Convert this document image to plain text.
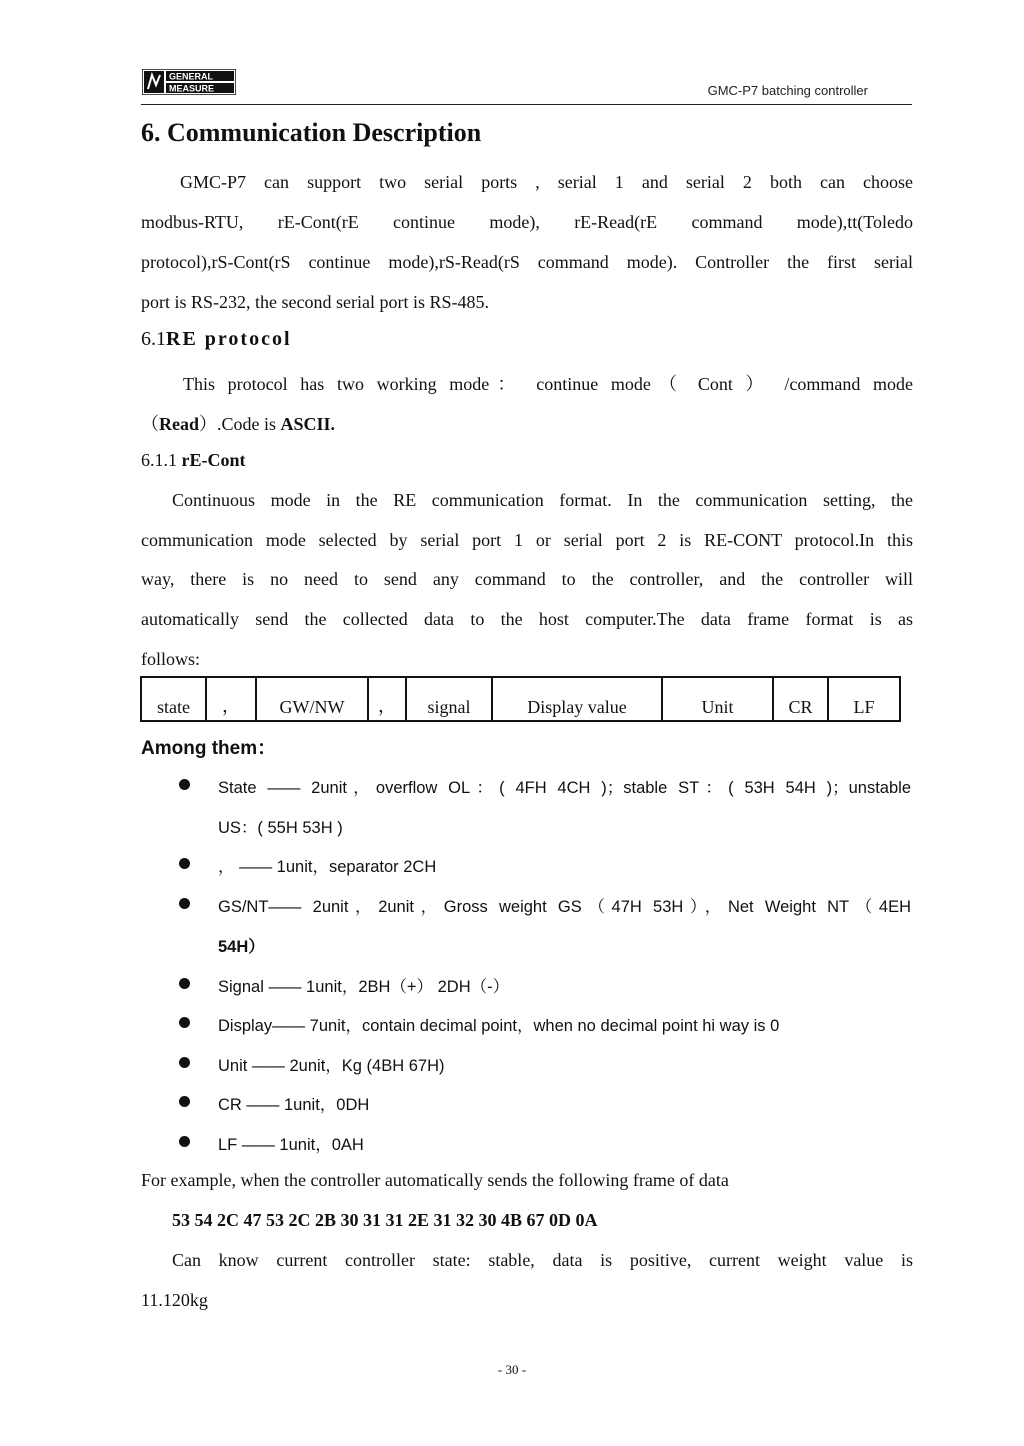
GENERAL
MEASURE	GMC-P7 batching controller
6. Communication Description
GMC-P7 can support two serial ports , serial 1 and serial 2 both can choose
modbus-RTU, rE-Cont(rE continue mode), rE-Read(rE command mode),tt(Toledo
protocol),rS-Cont(rS continue mode),rS-Read(rS command mode). Controller the first serial
port is RS-232, the second serial port is RS-485.
6.1RE protocol
This protocol has two working mode： continue mode（ Cont ） /command mode
（Read）.Code is ASCII.
6.1.1 rE-Cont
Continuous mode in the RE communication format. In the communication setting, the
communication mode selected by serial port 1 or serial port 2 is RE-CONT protocol.In this
way, there is no need to send any command to the controller, and the controller will
automatically send the collected data to the host computer.The data frame format is as
follows:
state	，	GW/NW	，	signal	Display value	Unit	CR	LF
Among them：
State —— 2unit，overflow OL：( 4FH 4CH )；stable ST：( 53H 54H )；unstable
US：( 55H 53H )
， —— 1unit，separator 2CH
GS/NT—— 2unit，2unit，Gross weight GS（47H 53H），Net Weight NT（4EH
54H）
Signal —— 1unit，2BH（+） 2DH（-）
Display—— 7unit，contain decimal point，when no decimal point hi way is 0
Unit —— 2unit，Kg (4BH 67H)
CR —— 1unit，0DH
LF —— 1unit，0AH
For example, when the controller automatically sends the following frame of data
53 54 2C 47 53 2C 2B 30 31 31 2E 31 32 30 4B 67 0D 0A
Can know current controller state: stable, data is positive, current weight value is
11.120kg
- 30 -
